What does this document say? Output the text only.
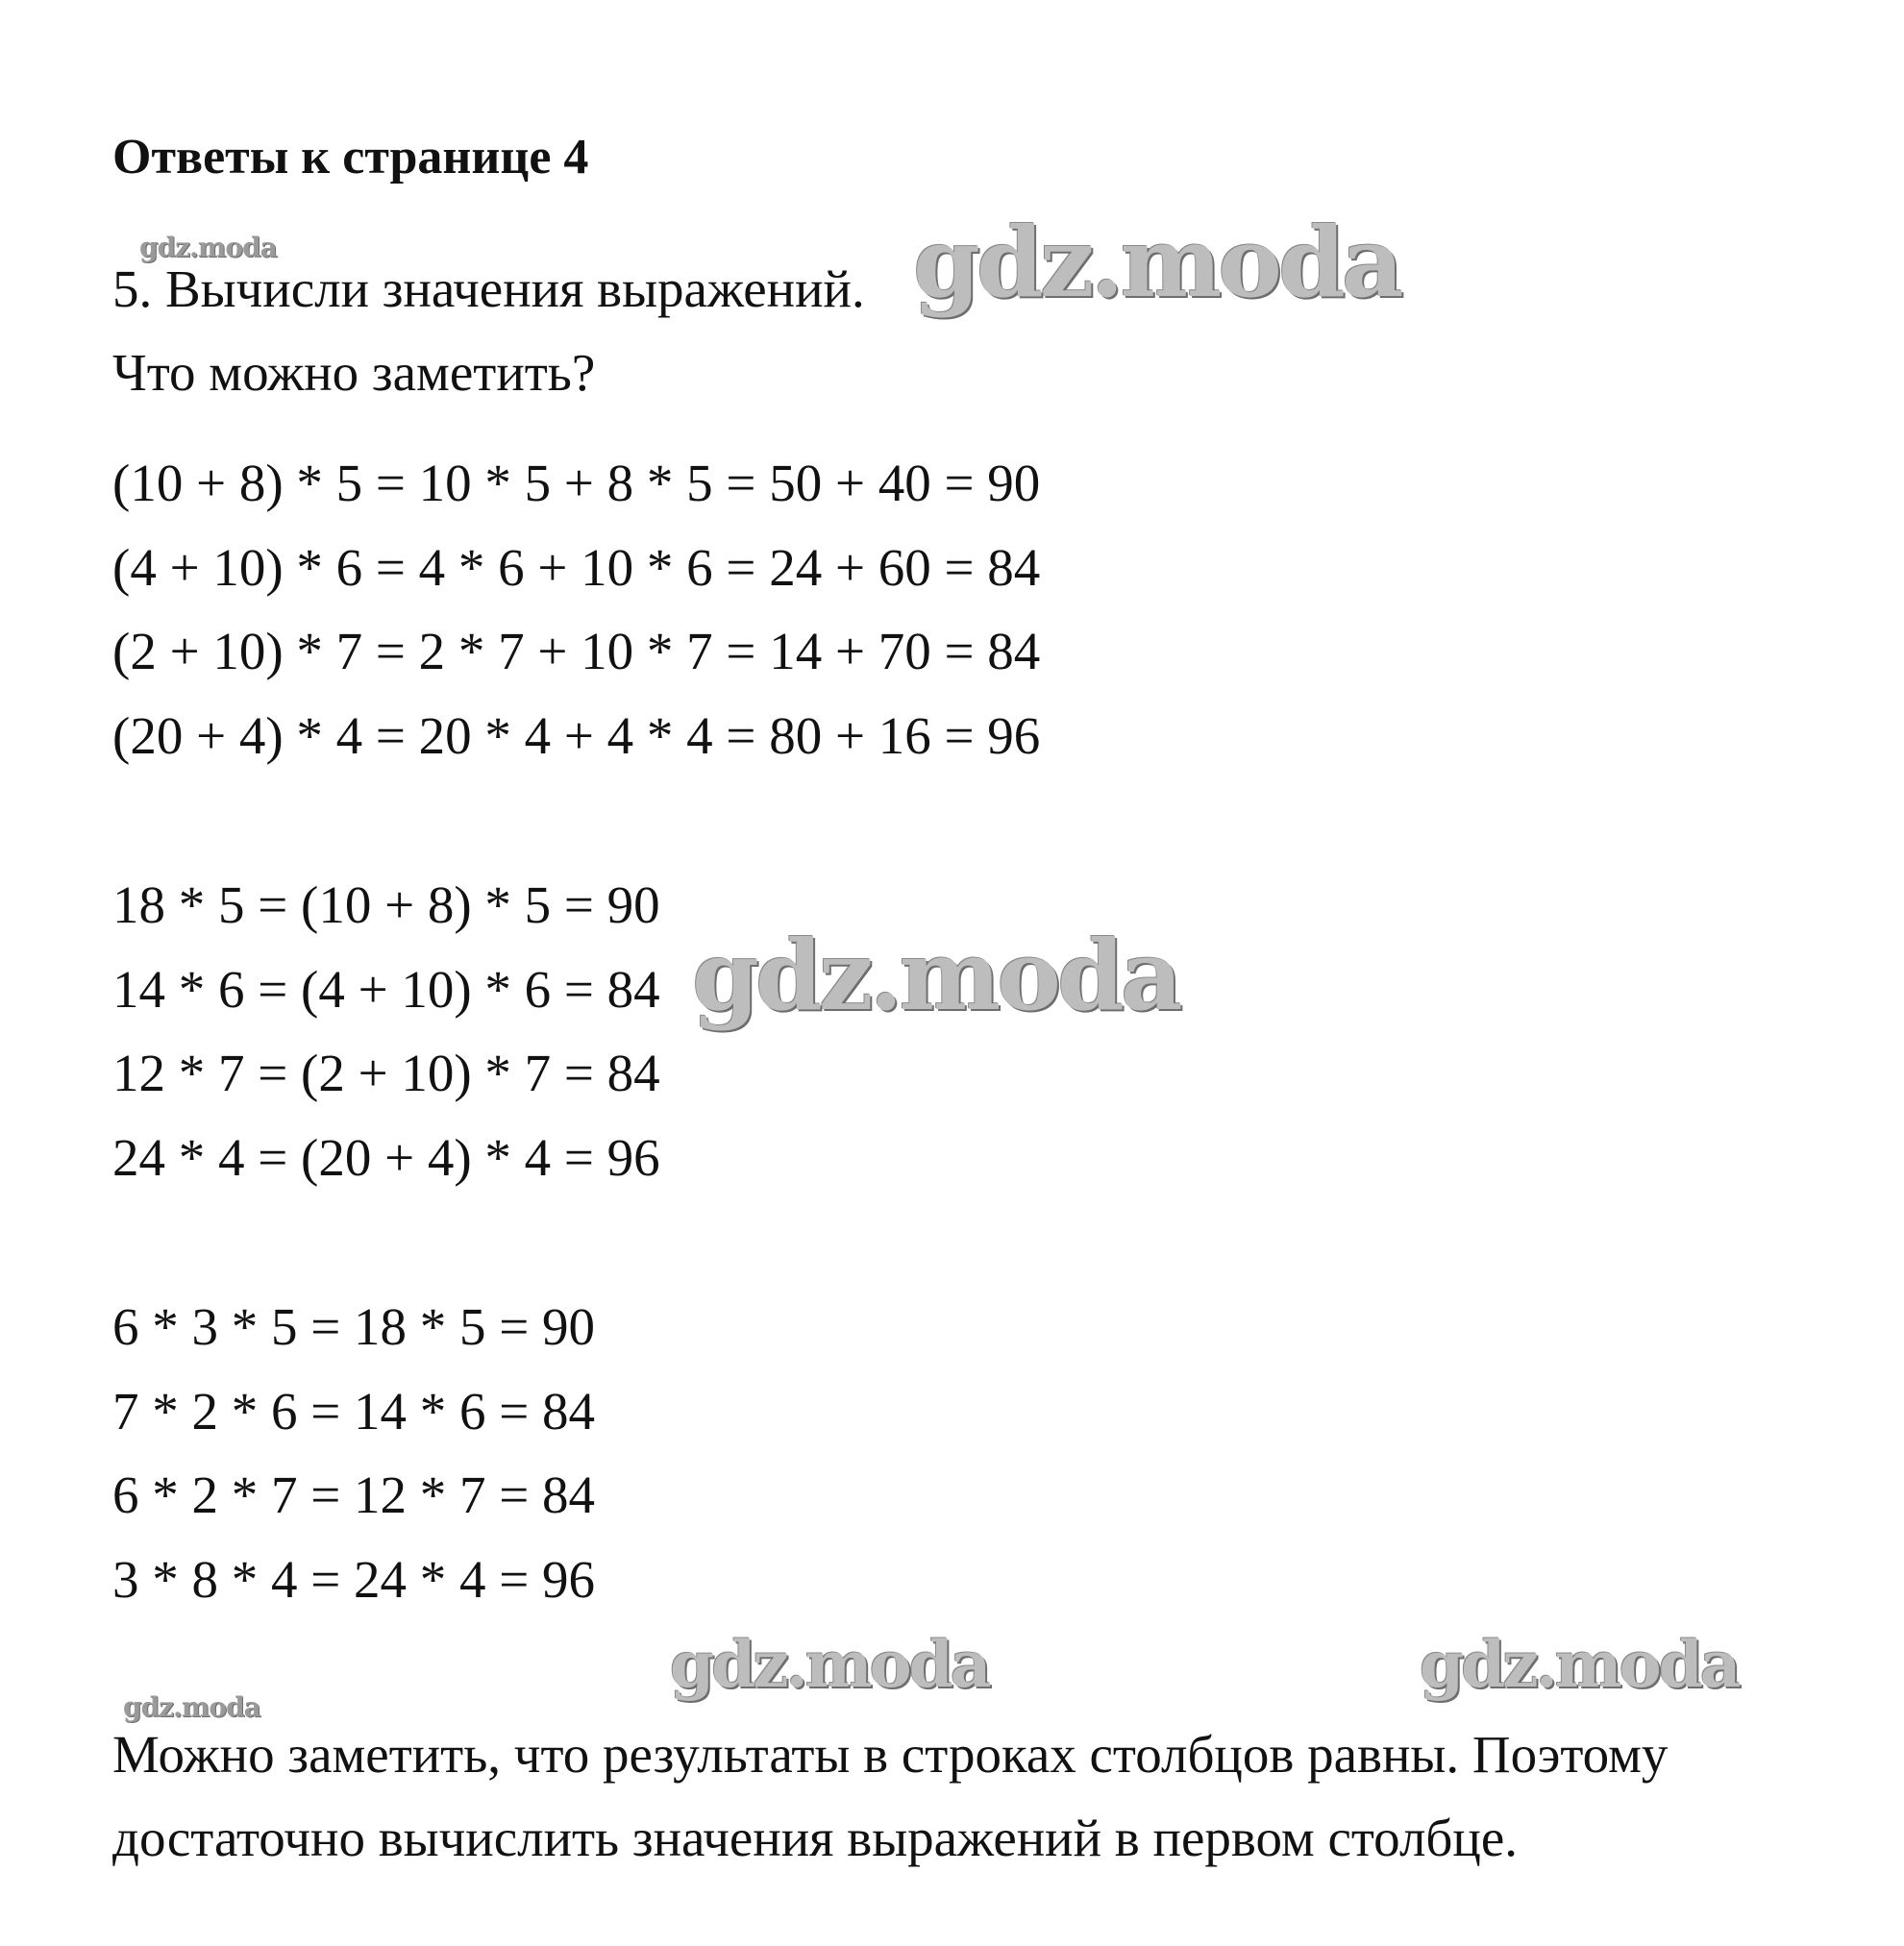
Ответы к странице 4
gdz.moda
5. Вычисли значения выражений.
Что можно заметить?
gdz.moda
(10 + 8) * 5 = 10 * 5 + 8 * 5 = 50 + 40 = 90
(4 + 10) * 6 = 4 * 6 + 10 * 6 = 24 + 60 = 84
(2 + 10) * 7 = 2 * 7 + 10 * 7 = 14 + 70 = 84
(20 + 4) * 4 = 20 * 4 + 4 * 4 = 80 + 16 = 96
18 * 5 = (10 + 8) * 5 = 90
14 * 6 = (4 + 10) * 6 = 84
12 * 7 = (2 + 10) * 7 = 84
24 * 4 = (20 + 4) * 4 = 96
gdz.moda
6 * 3 * 5 = 18 * 5 = 90
7 * 2 * 6 = 14 * 6 = 84
6 * 2 * 7 = 12 * 7 = 84
3 * 8 * 4 = 24 * 4 = 96
gdz.moda	gdz.moda
gdz.moda
Можно заметить, что результаты в строках столбцов равны. Поэтому
достаточно вычислить значения выражений в первом столбце.
